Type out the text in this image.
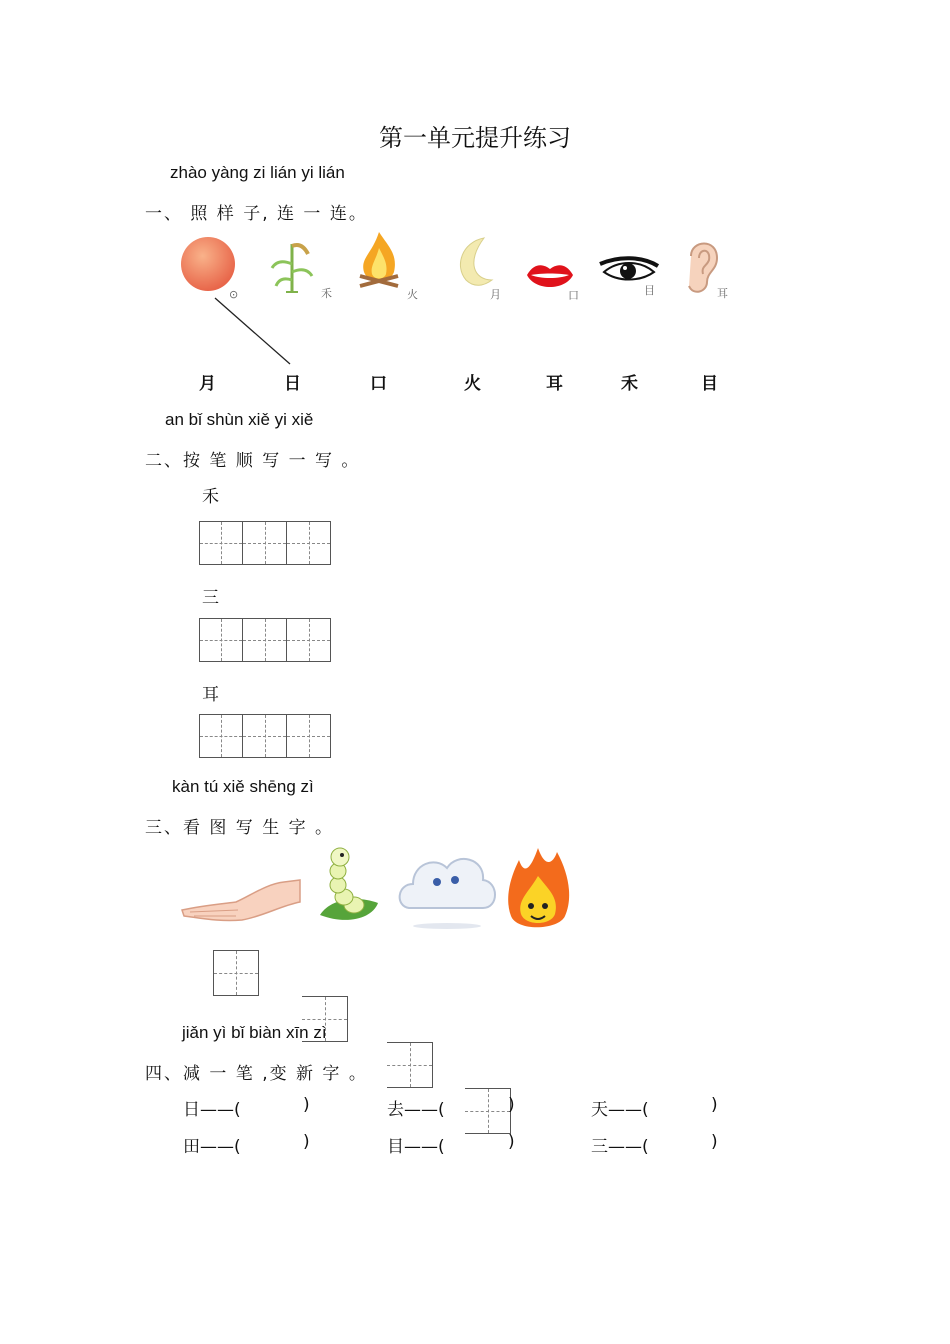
第一单元提升练习
zhào yàng zi lián yi lián
一、 照 样 子, 连 一 连。
⊙	禾	火	月	口	目	耳
月	日	口	火	耳	禾	目
an bǐ shùn xiě yi xiě
二、按 笔 顺 写 一 写 。
禾
三
耳
kàn tú xiě shēng zì
三、看 图 写 生 字 。
jiǎn yì bǐ biàn xīn zì
四、减 一 笔 ,变 新 字 。
日——(	)	去——(	)	天——(	)
田——(	)	目——(	)	三——(	)
